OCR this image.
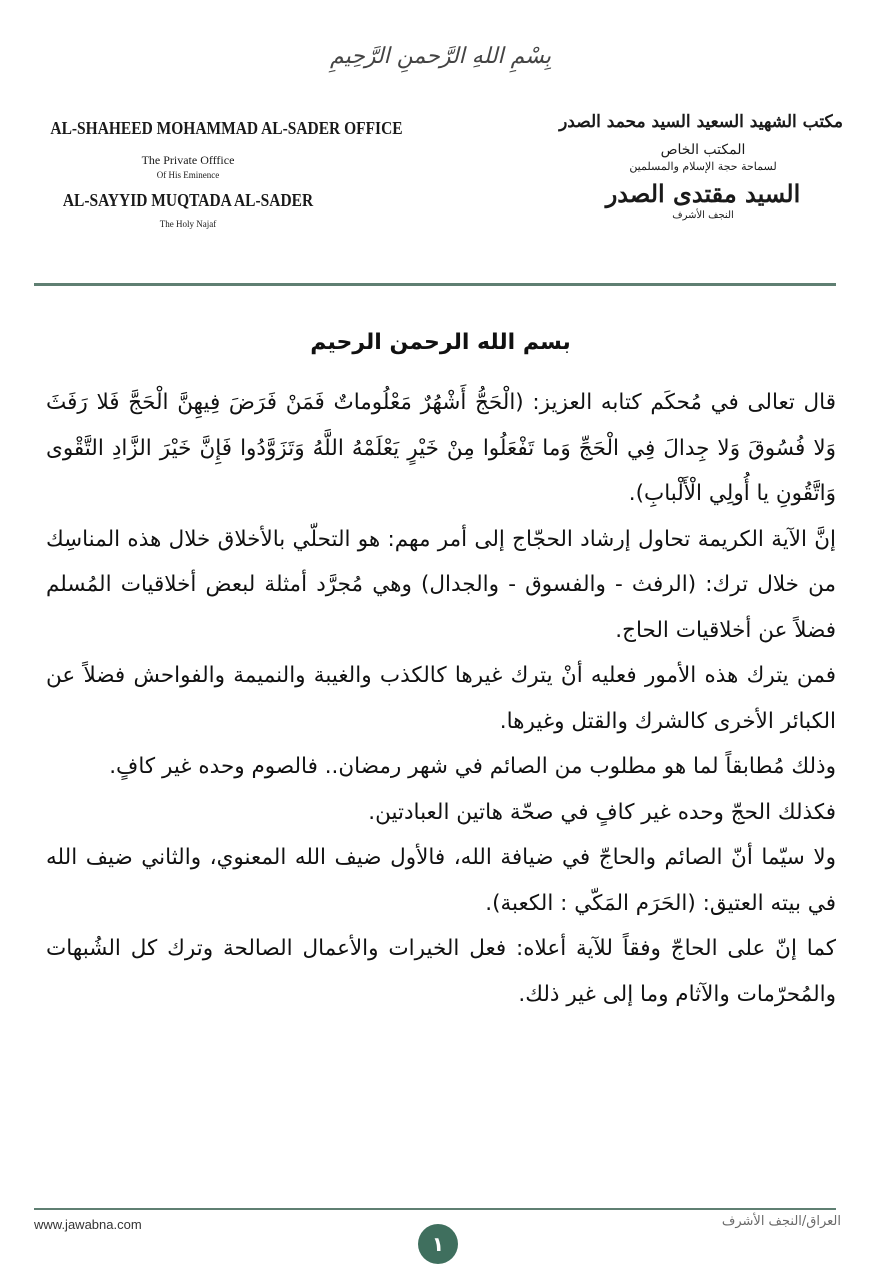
بِسْمِ اللهِ الرَّحمنِ الرَّحِيمِ
AL-SHAHEED MOHAMMAD AL-SADER OFFICE
The Private Offfice
Of His Eminence
AL-SAYYID MUQTADA AL-SADER
The Holy Najaf
مكتب الشهيد السعيد السيد محمد الصدر
المكتب الخاص
لسماحة حجة الإسلام والمسلمين
السيد مقتدى الصدر
النجف الأشرف
بسم الله الرحمن الرحيم

قال تعالى في مُحكَم كتابه العزيز: (الْحَجُّ أَشْهُرٌ مَعْلُوماتٌ فَمَنْ فَرَضَ فِيهِنَّ الْحَجَّ فَلا رَفَثَ وَلا فُسُوقَ وَلا جِدالَ فِي الْحَجِّ وَما تَفْعَلُوا مِنْ خَيْرٍ يَعْلَمْهُ اللَّهُ وَتَزَوَّدُوا فَإِنَّ خَيْرَ الزَّادِ التَّقْوى وَاتَّقُونِ يا أُولِي الْأَلْبابِ).

إنَّ الآية الكريمة تحاول إرشاد الحجّاج إلى أمر مهم: هو التحلّي بالأخلاق خلال هذه المناسِك من خلال ترك: (الرفث - والفسوق - والجدال) وهي مُجرَّد أمثلة لبعض أخلاقيات المُسلم فضلاً عن أخلاقيات الحاج.

فمن يترك هذه الأمور فعليه أنْ يترك غيرها كالكذب والغيبة والنميمة والفواحش فضلاً عن الكبائر الأخرى كالشرك والقتل وغيرها.

وذلك مُطابقاً لما هو مطلوب من الصائم في شهر رمضان.. فالصوم وحده غير كافٍ.

فكذلك الحجّ وحده غير كافٍ في صحّة هاتين العبادتين.

ولا سيّما أنّ الصائم والحاجّ في ضيافة الله، فالأول ضيف الله المعنوي، والثاني ضيف الله في بيته العتيق: (الحَرَم المَكّي : الكعبة).

كما إنّ على الحاجّ وفقاً للآية أعلاه: فعل الخيرات والأعمال الصالحة وترك كل الشُبهات والمُحرّمات والآثام وما إلى غير ذلك.

www.jawabna.com
١
العراق/النجف الأشرف
